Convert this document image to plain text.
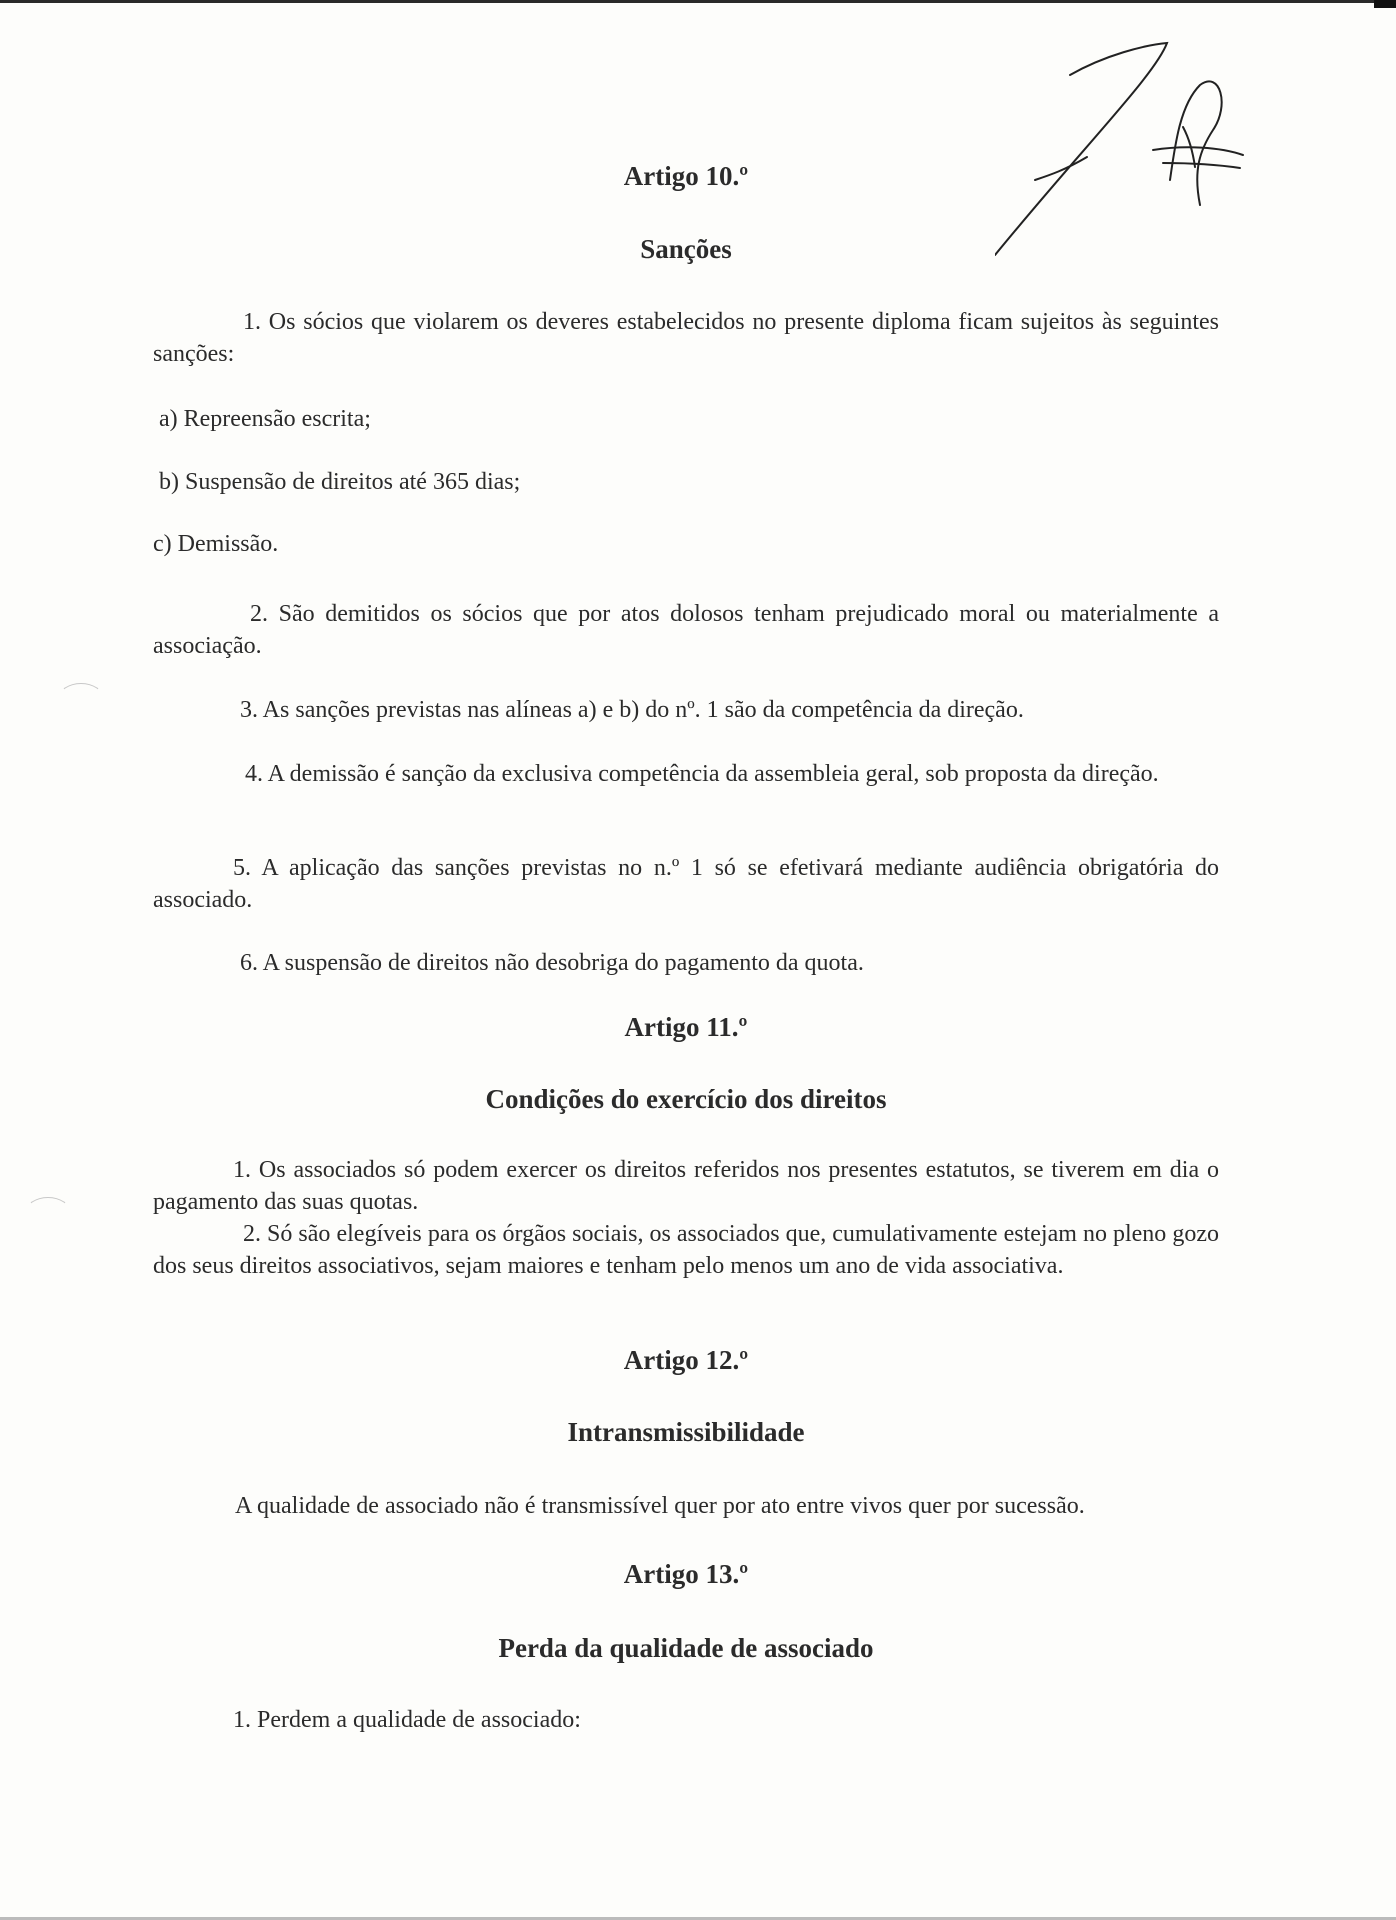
Artigo 10.º
Sanções

1. Os sócios que violarem os deveres estabelecidos no presente diploma ficam sujeitos às seguintes sanções:

a) Repreensão escrita;

b) Suspensão de direitos até 365 dias;

c) Demissão.

2. São demitidos os sócios que por atos dolosos tenham prejudicado moral ou materialmente a associação.

3. As sanções previstas nas alíneas a) e b) do nº. 1 são da competência da direção.

4. A demissão é sanção da exclusiva competência da assembleia geral, sob proposta da direção.

5. A aplicação das sanções previstas no n.º 1 só se efetivará mediante audiência obrigatória do associado.

6. A suspensão de direitos não desobriga do pagamento da quota.

Artigo 11.º
Condições do exercício dos direitos

1. Os associados só podem exercer os direitos referidos nos presentes estatutos, se tiverem em dia o pagamento das suas quotas.

2. Só são elegíveis para os órgãos sociais, os associados que, cumulativamente estejam no pleno gozo dos seus direitos associativos, sejam maiores e tenham pelo menos um ano de vida associativa.

Artigo 12.º
Intransmissibilidade

A qualidade de associado não é transmissível quer por ato entre vivos quer por sucessão.

Artigo 13.º
Perda da qualidade de associado

1. Perdem a qualidade de associado:
